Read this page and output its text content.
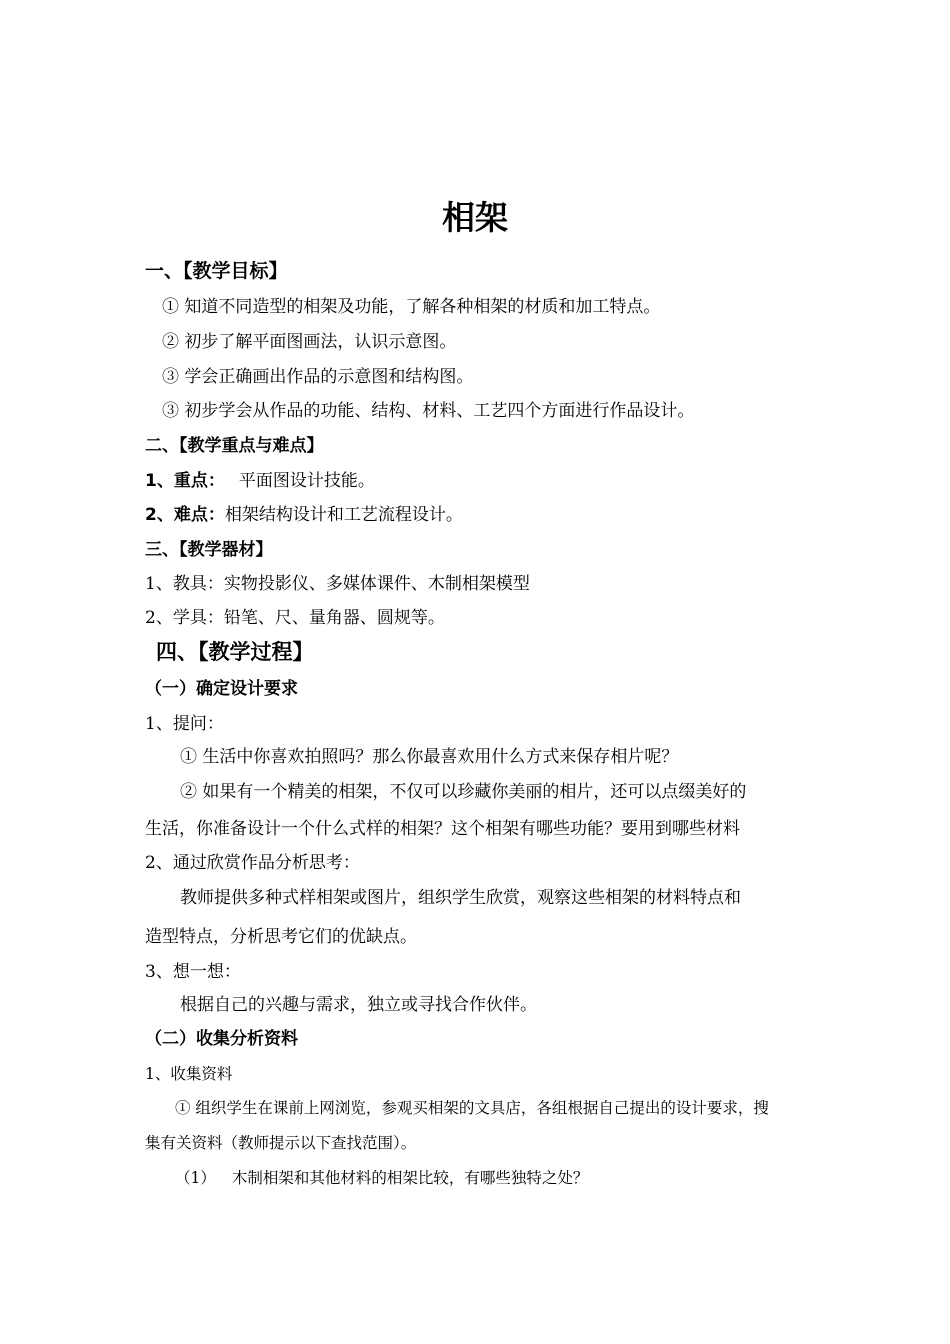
相架
一、【教学目标】
① 知道不同造型的相架及功能，了解各种相架的材质和加工特点。
② 初步了解平面图画法，认识示意图。
③ 学会正确画出作品的示意图和结构图。
③ 初步学会从作品的功能、结构、材料、工艺四个方面进行作品设计。
二、【教学重点与难点】
1、重点： 平面图设计技能。
2、难点：相架结构设计和工艺流程设计。
三、【教学器材】
1、教具：实物投影仪、多媒体课件、木制相架模型
2、学具：铅笔、尺、量角器、圆规等。
四、【教学过程】
（一）确定设计要求
1、提问：
① 生活中你喜欢拍照吗？那么你最喜欢用什么方式来保存相片呢？
② 如果有一个精美的相架，不仅可以珍藏你美丽的相片，还可以点缀美好的
生活，你准备设计一个什么式样的相架？这个相架有哪些功能？要用到哪些材料
2、通过欣赏作品分析思考：
教师提供多种式样相架或图片，组织学生欣赏，观察这些相架的材料特点和
造型特点，分析思考它们的优缺点。
3、想一想：
根据自己的兴趣与需求，独立或寻找合作伙伴。
（二）收集分析资料
1、收集资料
① 组织学生在课前上网浏览，参观买相架的文具店，各组根据自己提出的设计要求，搜
集有关资料（教师提示以下查找范围）。
（1） 木制相架和其他材料的相架比较，有哪些独特之处？
